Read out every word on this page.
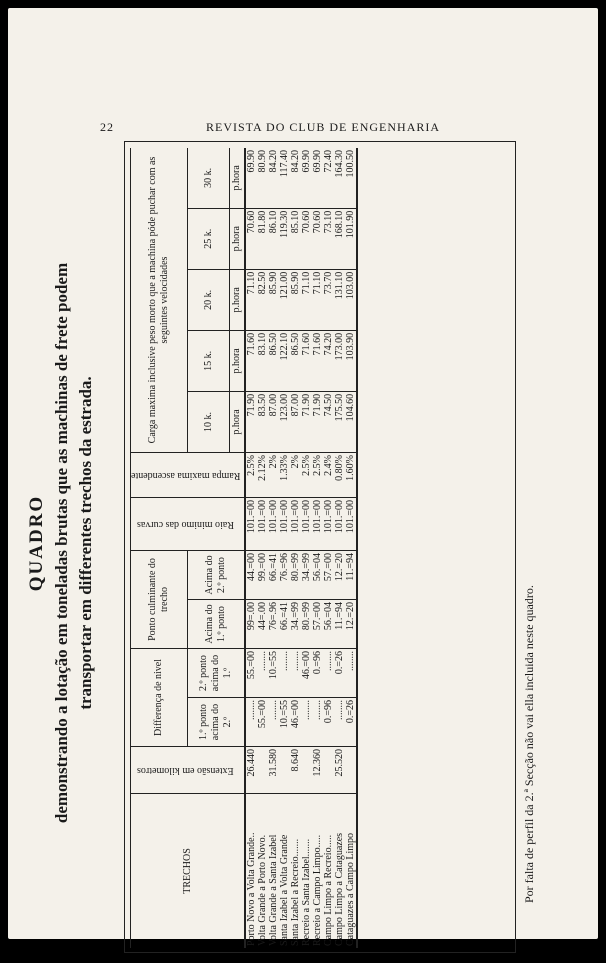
22	REVISTA DO CLUB DE ENGENHARIA
QUADRO demonstrando a lotação em toneladas brutas que as machinas de frete podem transportar em differentes trechos da estrada.
TRECHOS	Extensão em kilometros	Differença de nivel		Ponto culminante do trecho		Raio minimo das curvas	Rampa maxima ascendente	Carga maxima inclusive peso morto que a machina póde puchar com as seguintes velocidades				
		1.º ponto acima do 2.º	2.º ponto acima do 1.º	Acima do 1.º ponto	Acima do 2.º ponto			10 k.	15 k.	20 k.	25 k.	30 k.
								p.hora	p.hora	p.hora	p.hora	p.hora
Porto Novo a Volta Grande..	26.440	........	55.=00	99=.00	44.=00	101.=00	2.5%	71.90	71.60	71.10	70.60	69.90
Volta Grande a Porto Novo.		55.=00	........	44=.00	99.=00	101.=00	2.12%	83.50	83.10	82.50	81.80	80.90
Volta Grande a Santa Izabel	31.580	........	10.=55	76=.96	66.=41	101.=00	2%	87.00	86.50	85.90	86.10	84.20
Santa Izabel a Volta Grande		10.=55	........	66.=41	76.=96	101.=00	1.33%	123.00	122.10	121.00	119.30	117.40
Santa Izabel a Recreio.......	8.640	46.=00	........	34.=99	80.=99	101.=00	2%	87.00	86.50	85.90	85.10	84.20
Recreio a Santa Izabel.......		........	46.=00	80.=99	34.=99	101.=00	2.5%	71.90	71.60	71.10	70.60	69.90
Recreio a Campo Limpo.....	12.360	........	0.=96	57.=00	56.=04	101.=00	2.5%	71.90	71.60	71.10	70.60	69.90
Campo Limpo a Recreio.....		0.=96	........	56.=04	57.=00	101.=00	2.4%	74.50	74.20	73.70	73.10	72.40
Campo Limpo a Cataguazes	25.520	........	0.=26	11.=94	12.=20	101.=00	0.80%	175.50	173.00	131.10	168.10	164.30
Cataguazes a Campo Limpo		0.=26	........	12.=20	11.=94	101.=00	1.60%	104.60	103.90	103.00	101.90	100.50
Por falta de perfil da 2.ª Secção não vai ella incluida neste quadro.
